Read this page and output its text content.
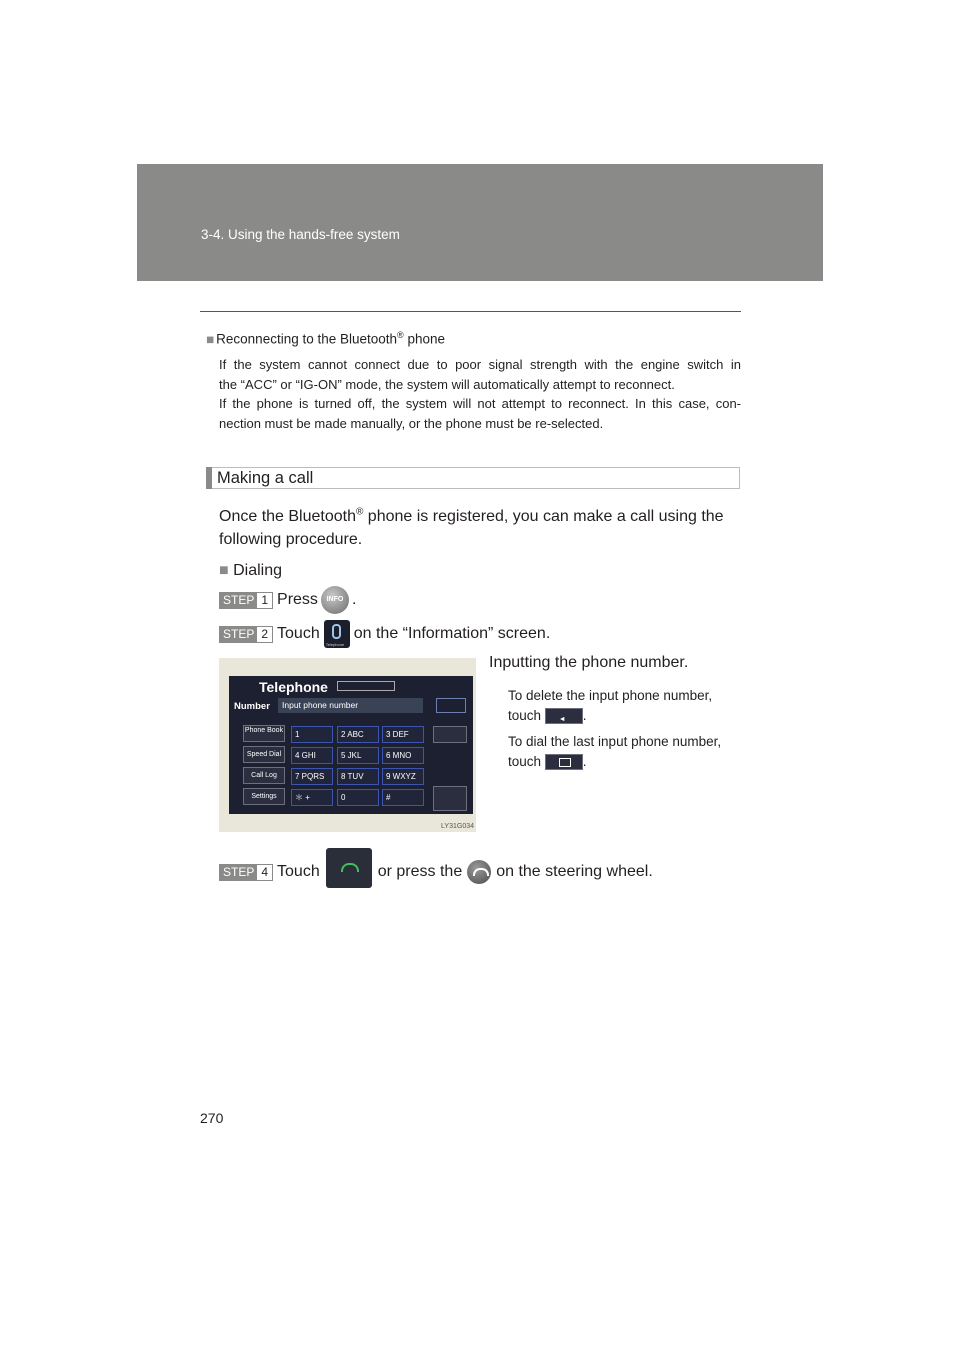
3-4. Using the hands-free system
■ Reconnecting to the Bluetooth® phone

If the system cannot connect due to poor signal strength with the engine switch in

the “ACC” or “IG-ON” mode, the system will automatically attempt to reconnect.

If the phone is turned off, the system will not attempt to reconnect. In this case, con-

nection must be made manually, or the phone must be re-selected.

Making a call
Once the Bluetooth® phone is registered, you can make a call using the following procedure.
■ Dialing
STEP 1 Press	INFO .
STEP 2 Touch
Telephone
on the “Information” screen.
Telephone
Number	Input phone number
Phone Book
Speed Dial
Call Log
Settings
1	2 ABC	3 DEF
4 GHI	5 JKL	6 MNO
7 PQRS	8 TUV	9 WXYZ
＊ +	0	#
LY31G034
Inputting the phone number.

To delete the input phone number, touch ◄	.

To dial the last input phone number, touch	.

STEP 4 Touch	or press the on the steering wheel.
270
